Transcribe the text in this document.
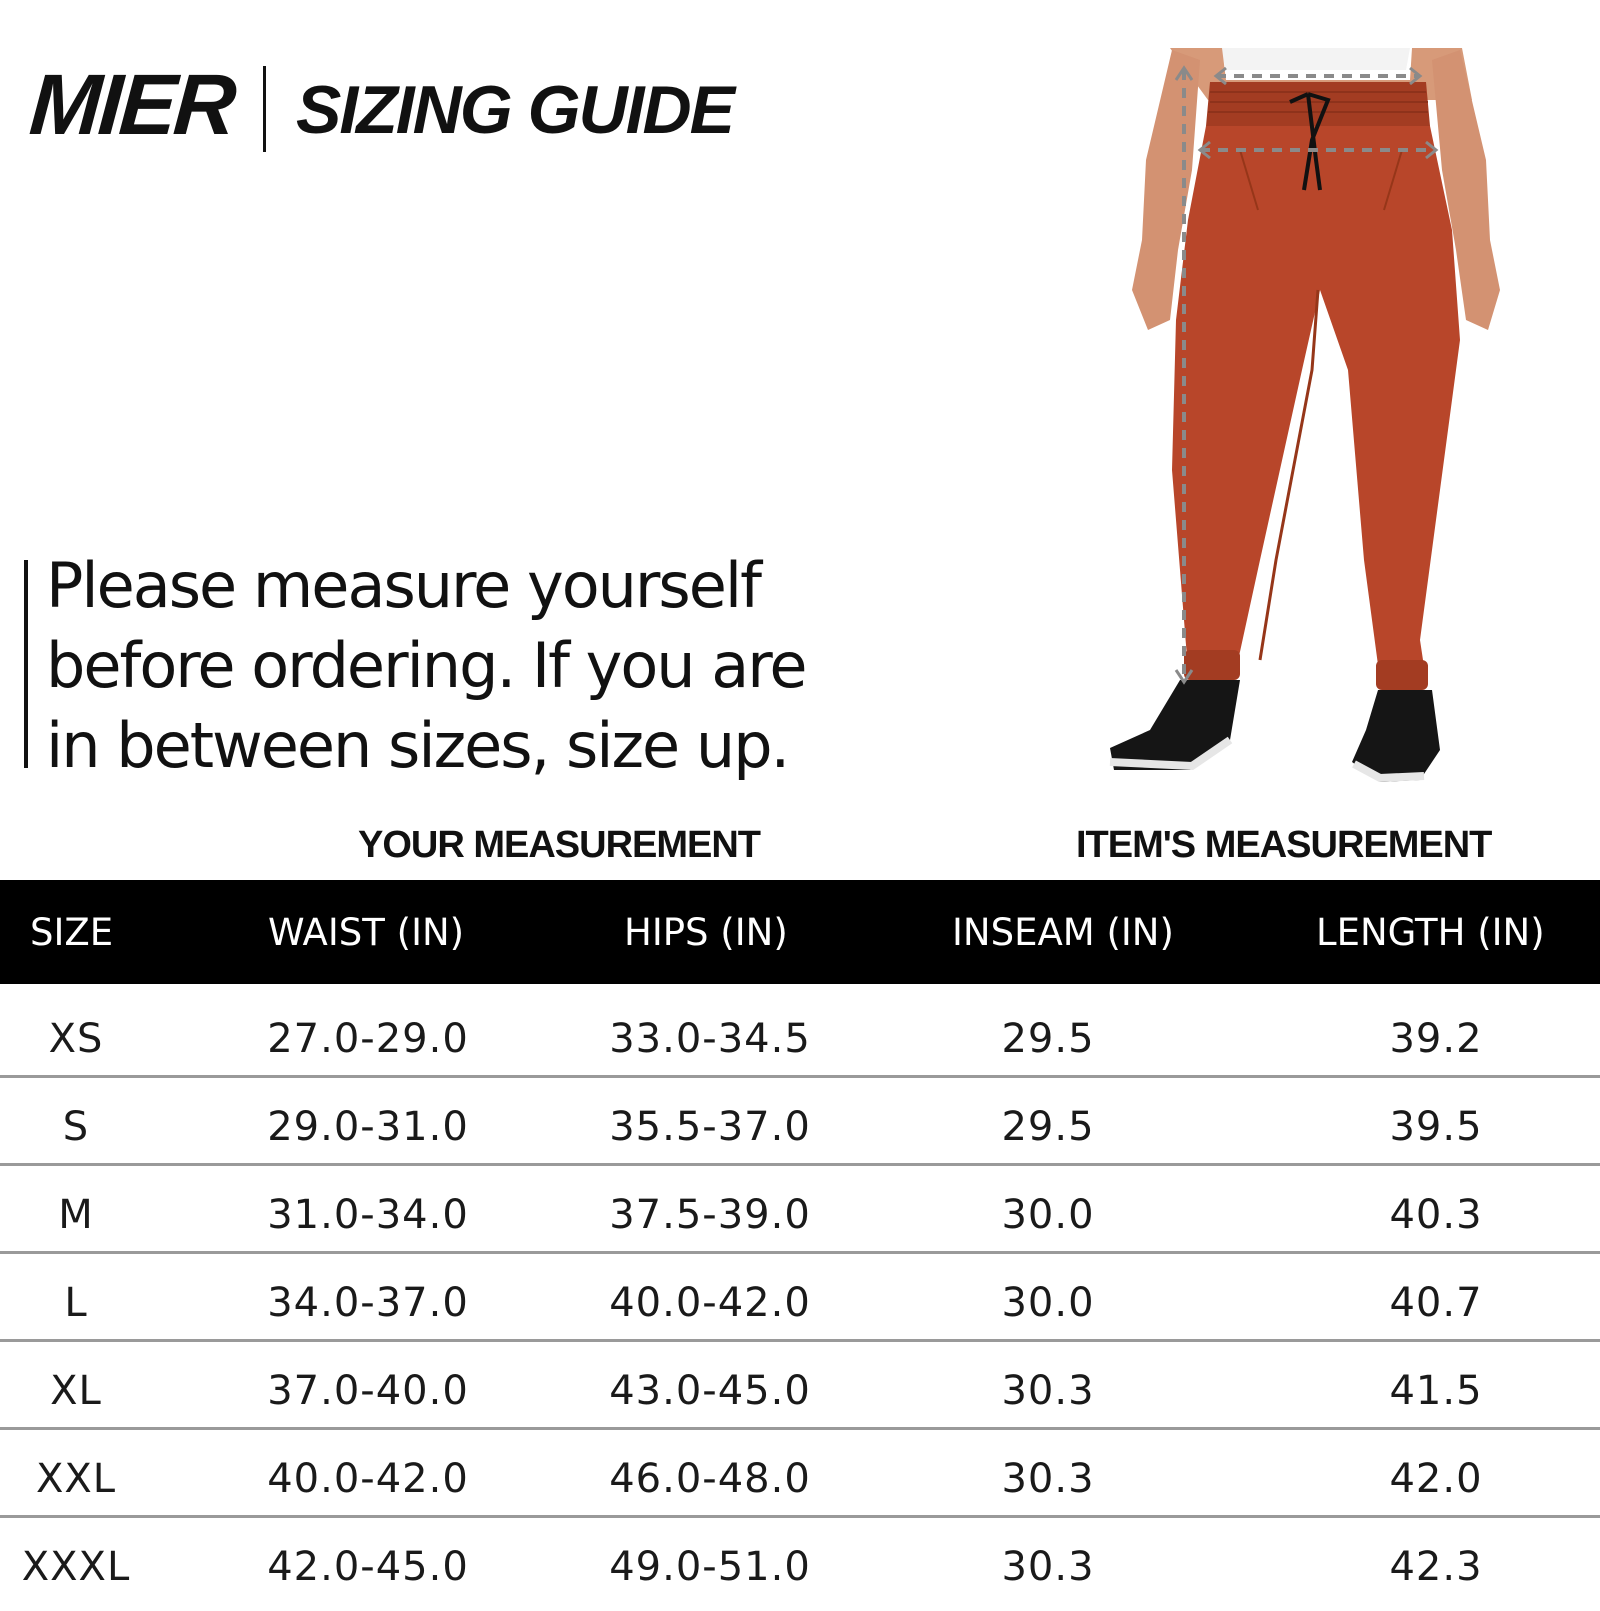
MIER SIZING GUIDE

Please measure yourself before ordering. If you are in between sizes, size up.

YOUR MEASUREMENT	ITEM'S MEASUREMENT
SIZE	WAIST (IN)	HIPS (IN)	INSEAM (IN)	LENGTH (IN)
XS	27.0-29.0	33.0-34.5	29.5	39.2
S	29.0-31.0	35.5-37.0	29.5	39.5
M	31.0-34.0	37.5-39.0	30.0	40.3
L	34.0-37.0	40.0-42.0	30.0	40.7
XL	37.0-40.0	43.0-45.0	30.3	41.5
XXL	40.0-42.0	46.0-48.0	30.3	42.0
XXXL	42.0-45.0	49.0-51.0	30.3	42.3
